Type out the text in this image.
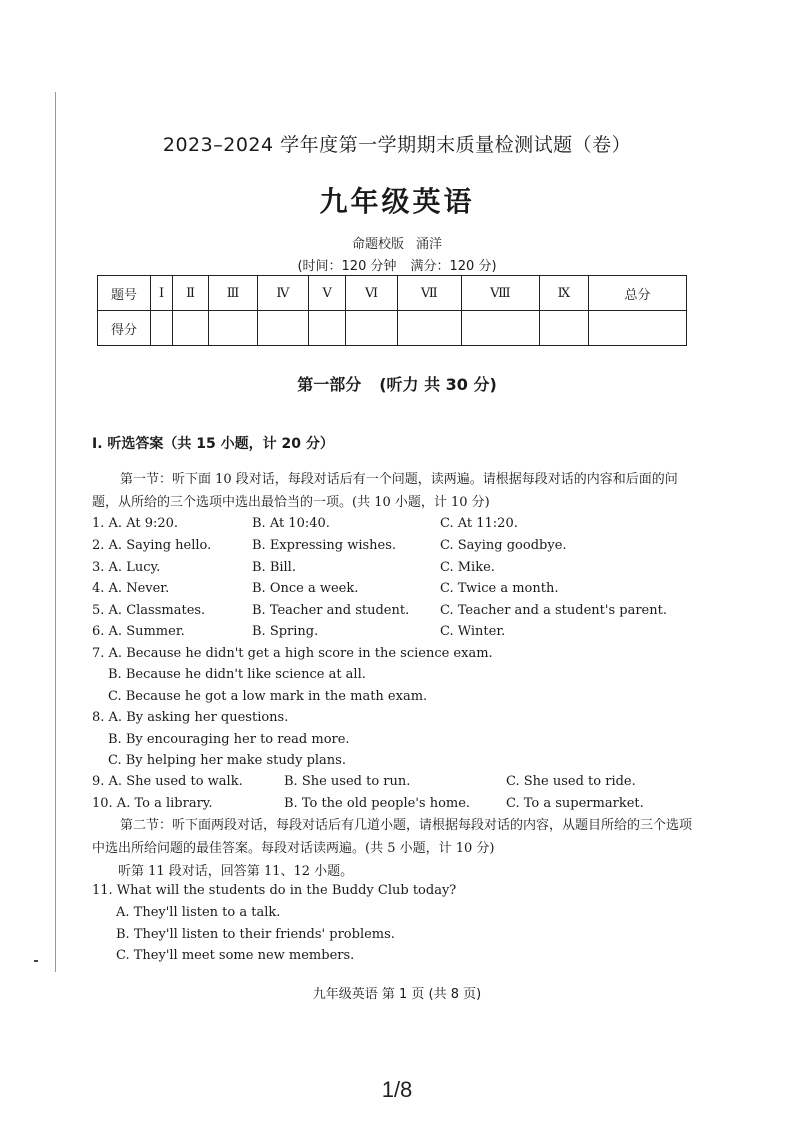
2023–2024 学年度第一学期期末质量检测试题（卷）
九年级英语
命题校版 涌洋
(时间：120 分钟 满分：120 分)
题号	Ⅰ	Ⅱ	Ⅲ	Ⅳ	Ⅴ	Ⅵ	Ⅶ	Ⅷ	Ⅸ	总分
得分										
第一部分 (听力 共 30 分)
I. 听选答案（共 15 小题，计 20 分）
第一节：听下面 10 段对话，每段对话后有一个问题，读两遍。请根据每段对话的内容和后面的问题，从所给的三个选项中选出最恰当的一项。(共 10 小题，计 10 分)
1. A. At 9:20.	B. At 10:40.	C. At 11:20.
2. A. Saying hello.	B. Expressing wishes.	C. Saying goodbye.
3. A. Lucy.	B. Bill.	C. Mike.
4. A. Never.	B. Once a week.	C. Twice a month.
5. A. Classmates.	B. Teacher and student. C. Teacher and a student's parent.
6. A. Summer.	B. Spring.	C. Winter.
7. A. Because he didn't get a high score in the science exam.
B. Because he didn't like science at all.
C. Because he got a low mark in the math exam.
8. A. By asking her questions.
B. By encouraging her to read more.
C. By helping her make study plans.
9. A. She used to walk.	B. She used to run.	C. She used to ride.
10. A. To a library.	B. To the old people's home.	C. To a supermarket.
第二节：听下面两段对话，每段对话后有几道小题，请根据每段对话的内容，从题目所给的三个选项中选出所给问题的最佳答案。每段对话读两遍。(共 5 小题，计 10 分)
听第 11 段对话，回答第 11、12 小题。
11. What will the students do in the Buddy Club today?
A. They'll listen to a talk.
B. They'll listen to their friends' problems.
C. They'll meet some new members.
九年级英语 第 1 页 (共 8 页)
1/8
